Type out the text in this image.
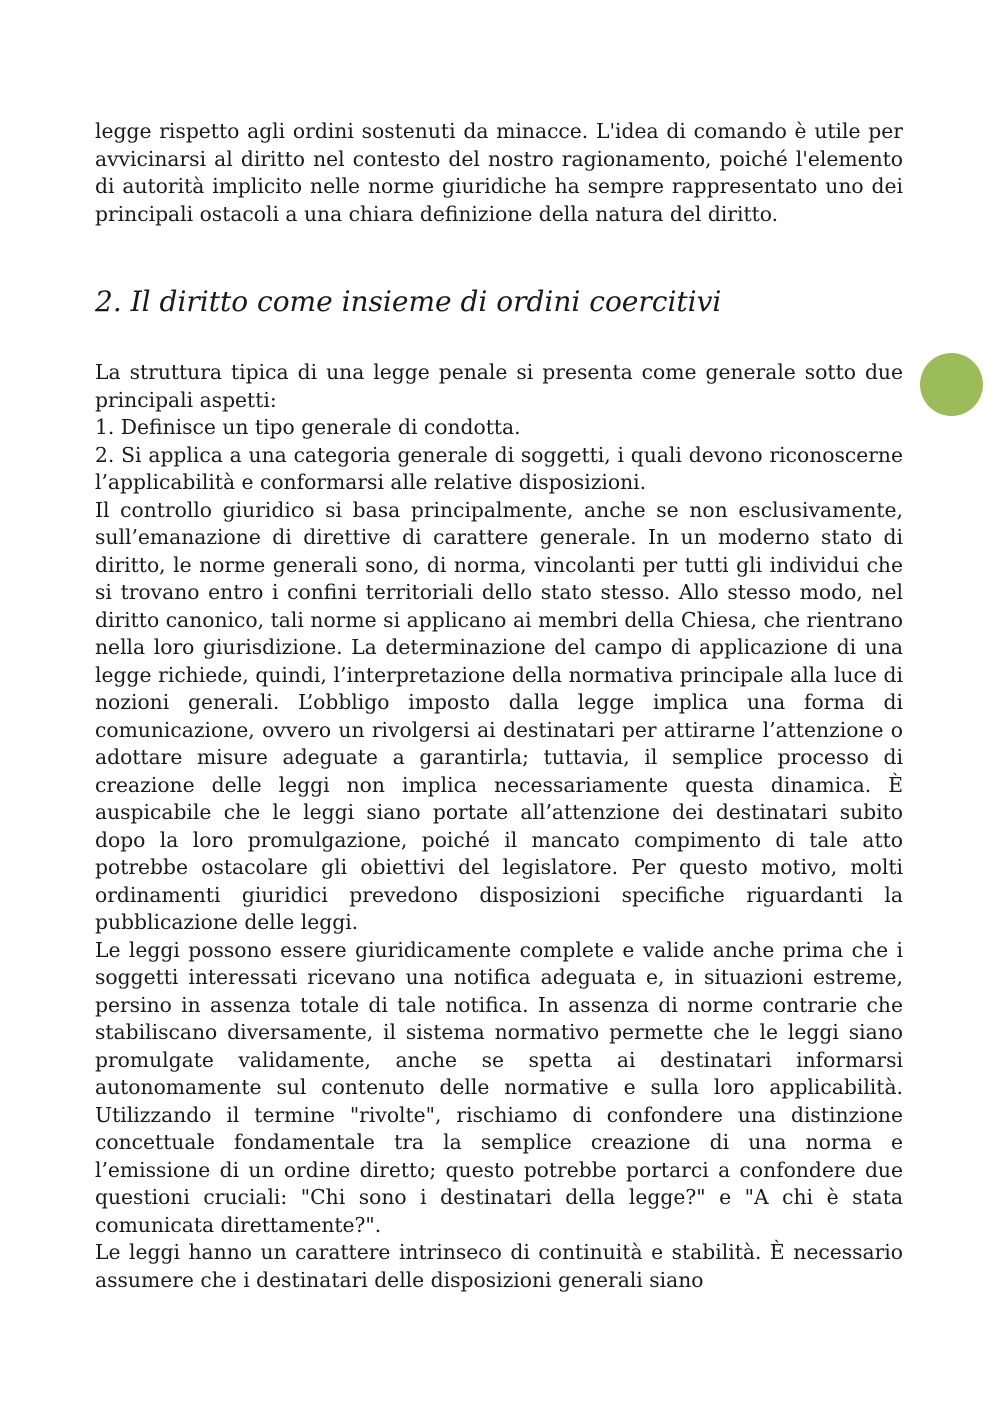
legge rispetto agli ordini sostenuti da minacce. L'idea di comando è utile per avvicinarsi al diritto nel contesto del nostro ragionamento, poiché l'elemento di autorità implicito nelle norme giuridiche ha sempre rappresentato uno dei principali ostacoli a una chiara definizione della natura del diritto.

2. Il diritto come insieme di ordini coercitivi

La struttura tipica di una legge penale si presenta come generale sotto due principali aspetti:

1. Definisce un tipo generale di condotta.

2. Si applica a una categoria generale di soggetti, i quali devono riconoscerne l’applicabilità e conformarsi alle relative disposizioni.

Il controllo giuridico si basa principalmente, anche se non esclusivamente, sull’emanazione di direttive di carattere generale. In un moderno stato di diritto, le norme generali sono, di norma, vincolanti per tutti gli individui che si trovano entro i confini territoriali dello stato stesso. Allo stesso modo, nel diritto canonico, tali norme si applicano ai membri della Chiesa, che rientrano nella loro giurisdizione. La determinazione del campo di applicazione di una legge richiede, quindi, l’interpretazione della normativa principale alla luce di nozioni generali. L’obbligo imposto dalla legge implica una forma di comunicazione, ovvero un rivolgersi ai destinatari per attirarne l’attenzione o adottare misure adeguate a garantirla; tuttavia, il semplice processo di creazione delle leggi non implica necessariamente questa dinamica. È auspicabile che le leggi siano portate all’attenzione dei destinatari subito dopo la loro promulgazione, poiché il mancato compimento di tale atto potrebbe ostacolare gli obiettivi del legislatore. Per questo motivo, molti ordinamenti giuridici prevedono disposizioni specifiche riguardanti la pubblicazione delle leggi.

Le leggi possono essere giuridicamente complete e valide anche prima che i soggetti interessati ricevano una notifica adeguata e, in situazioni estreme, persino in assenza totale di tale notifica. In assenza di norme contrarie che stabiliscano diversamente, il sistema normativo permette che le leggi siano promulgate validamente, anche se spetta ai destinatari informarsi autonomamente sul contenuto delle normative e sulla loro applicabilità. Utilizzando il termine "rivolte", rischiamo di confondere una distinzione concettuale fondamentale tra la semplice creazione di una norma e l’emissione di un ordine diretto; questo potrebbe portarci a confondere due questioni cruciali: "Chi sono i destinatari della legge?" e "A chi è stata comunicata direttamente?".

Le leggi hanno un carattere intrinseco di continuità e stabilità. È necessario assumere che i destinatari delle disposizioni generali siano
